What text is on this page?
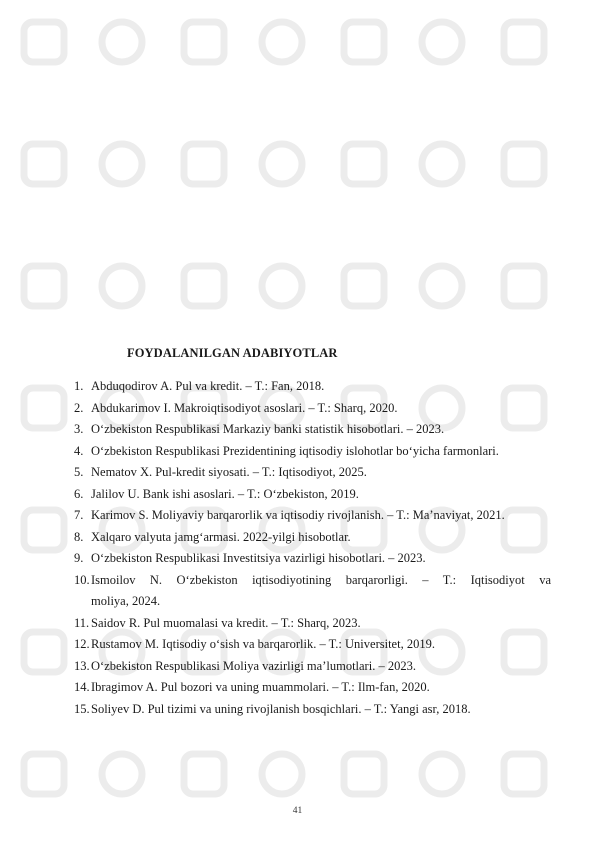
FOYDALANILGAN ADABIYOTLAR
1. Abduqodirov A. Pul va kredit. – T.: Fan, 2018.
2. Abdukarimov I. Makroiqtisodiyot asoslari. – T.: Sharq, 2020.
3. O‘zbekiston Respublikasi Markaziy banki statistik hisobotlari. – 2023.
4. O‘zbekiston Respublikasi Prezidentining iqtisodiy islohotlar bo‘yicha farmonlari.
5. Nematov X. Pul-kredit siyosati. – T.: Iqtisodiyot, 2025.
6. Jalilov U. Bank ishi asoslari. – T.: O‘zbekiston, 2019.
7. Karimov S. Moliyaviy barqarorlik va iqtisodiy rivojlanish. – T.: Ma’naviyat, 2021.
8. Xalqaro valyuta jamg‘armasi. 2022-yilgi hisobotlar.
9. O‘zbekiston Respublikasi Investitsiya vazirligi hisobotlari. – 2023.
10. Ismoilov N. O‘zbekiston iqtisodiyotining barqarorligi. – T.: Iqtisodiyot va
moliya, 2024.
11. Saidov R. Pul muomalasi va kredit. – T.: Sharq, 2023.
12. Rustamov M. Iqtisodiy o‘sish va barqarorlik. – T.: Universitet, 2019.
13. O‘zbekiston Respublikasi Moliya vazirligi ma’lumotlari. – 2023.
14. Ibragimov A. Pul bozori va uning muammolari. – T.: Ilm-fan, 2020.
15. Soliyev D. Pul tizimi va uning rivojlanish bosqichlari. – T.: Yangi asr, 2018.
41
